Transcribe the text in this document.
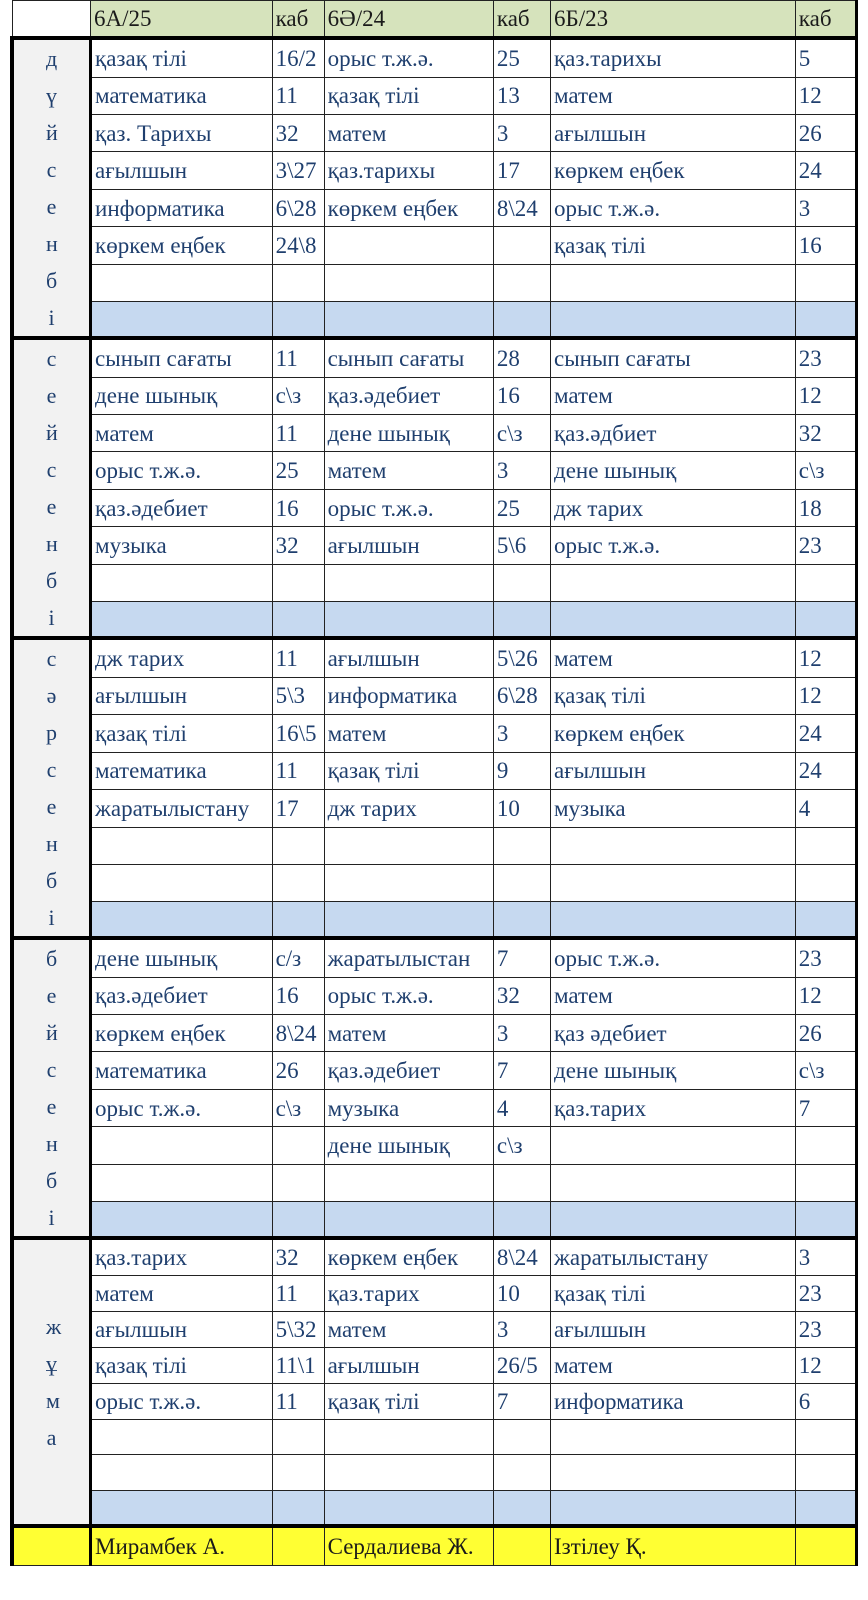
	6А/25	каб	6Ә/24	каб	6Б/23	каб
дүйсенбі	қазақ тілі	16/2	орыс т.ж.ә.	25	қаз.тарихы	5
	математика	11	қазақ тілі	13	матем	12
	қаз. Тарихы	32	матем	3	ағылшын	26
	ағылшын	3\27	қаз.тарихы	17	көркем еңбек	24
	информатика	6\28	көркем еңбек	8\24	орыс т.ж.ә.	3
	көркем еңбек	24\8			қазақ тілі	16

сейсенбі	сынып сағаты	11	сынып сағаты	28	сынып сағаты	23
	дене шынық	с\з	қаз.әдебиет	16	матем	12
	матем	11	дене шынық	с\з	қаз.әдбиет	32
	орыс т.ж.ә.	25	матем	3	дене шынық	с\з
	қаз.әдебиет	16	орыс т.ж.ә.	25	дж тарих	18
	музыка	32	ағылшын	5\6	орыс т.ж.ә.	23

сәрсенбі	дж тарих	11	ағылшын	5\26	матем	12
	ағылшын	5\3	информатика	6\28	қазақ тілі	12
	қазақ тілі	16\5	матем	3	көркем еңбек	24
	математика	11	қазақ тілі	9	ағылшын	24
	жаратылыстану	17	дж тарих	10	музыка	4

бейсенбі	дене шынық	с/з	жаратылыстан	7	орыс т.ж.ә.	23
	қаз.әдебиет	16	орыс т.ж.ә.	32	матем	12
	көркем еңбек	8\24	матем	3	қаз әдебиет	26
	математика	26	қаз.әдебиет	7	дене шынық	с\з
	орыс т.ж.ә.	с\з	музыка	4	қаз.тарих	7
			дене шынық	с\з		

жұма	қаз.тарих	32	көркем еңбек	8\24	жаратылыстану	3
	матем	11	қаз.тарих	10	қазақ тілі	23
	ағылшын	5\32	матем	3	ағылшын	23
	қазақ тілі	11\1	ағылшын	26/5	матем	12
	орыс т.ж.ә.	11	қазақ тілі	7	информатика	6

	Мирамбек А.		Сердалиева Ж.		Ізтілеу Қ.	
